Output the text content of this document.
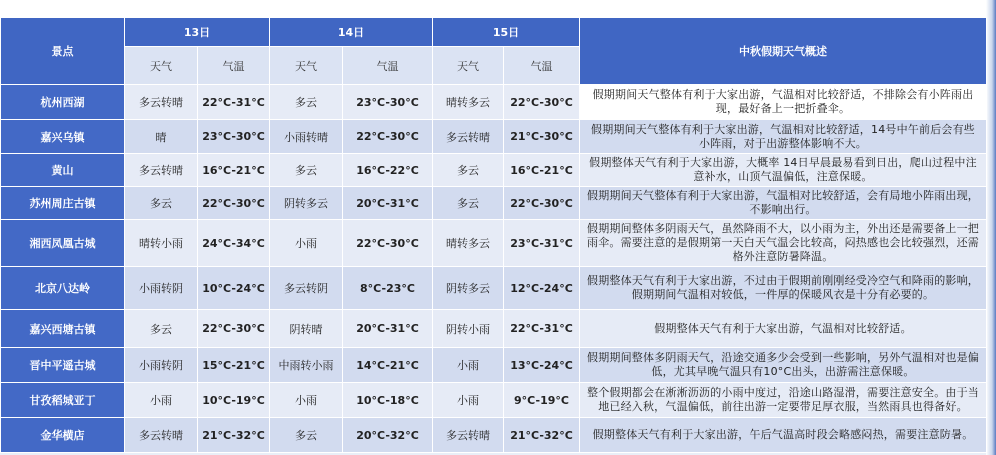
景点	13日		14日		15日		中秋假期天气概述
	天气	气温	天气	气温	天气	气温	
杭州西湖	多云转晴	22°C-31°C	多云	23°C-30°C	晴转多云	22°C-30°C	假期期间天气整体有利于大家出游，气温相对比较舒适，不排除会有小阵雨出现，最好备上一把折叠伞。
嘉兴乌镇	晴	23°C-30°C	小雨转晴	22°C-30°C	多云转晴	21°C-30°C	假期期间天气整体有利于大家出游，气温相对比较舒适，14号中午前后会有些小阵雨，对于出游整体影响不大。
黄山	多云转晴	16°C-21°C	多云	16°C-22°C	多云	16°C-21°C	假期整体天气有利于大家出游，大概率 14日早晨最易看到日出，爬山过程中注意补水，山顶气温偏低，注意保暖。
苏州周庄古镇	多云	22°C-30°C	阴转多云	20°C-31°C	多云	22°C-30°C	假期期间天气整体有利于大家出游，气温相对比较舒适，会有局地小阵雨出现，不影响出行。
湘西凤凰古城	晴转小雨	24°C-34°C	小雨	22°C-30°C	晴转多云	23°C-31°C	假期期间整体多阴雨天气，虽然降雨不大，以小雨为主，外出还是需要备上一把雨伞。需要注意的是假期第一天白天气温会比较高，闷热感也会比较强烈，还需格外注意防暑降温。
北京八达岭	小雨转阴	10°C-24°C	多云转阴	8°C-23°C	阴转多云	12°C-24°C	假期整体天气有利于大家出游，不过由于假期前刚刚经受冷空气和降雨的影响，假期期间气温相对较低，一件厚的保暖风衣是十分有必要的。
嘉兴西塘古镇	多云	22°C-30°C	阴转晴	20°C-31°C	阴转小雨	22°C-31°C	假期整体天气有利于大家出游，气温相对比较舒适。
晋中平遥古城	小雨转阴	15°C-21°C	中雨转小雨	14°C-21°C	小雨	13°C-24°C	假期期间整体多阴雨天气，沿途交通多少会受到一些影响，另外气温相对也是偏低，尤其早晚气温只有10°C出头，出游需注意保暖。
甘孜稻城亚丁	小雨	10°C-19°C	小雨	10°C-18°C	小雨	9°C-19°C	整个假期都会在淅淅沥沥的小雨中度过，沿途山路湿滑，需要注意安全。由于当地已经入秋，气温偏低，前往出游一定要带足厚衣服，当然雨具也得备好。
金华横店	多云转晴	21°C-32°C	多云	20°C-32°C	多云转晴	21°C-32°C	假期整体天气有利于大家出游，午后气温高时段会略感闷热，需要注意防暑。
